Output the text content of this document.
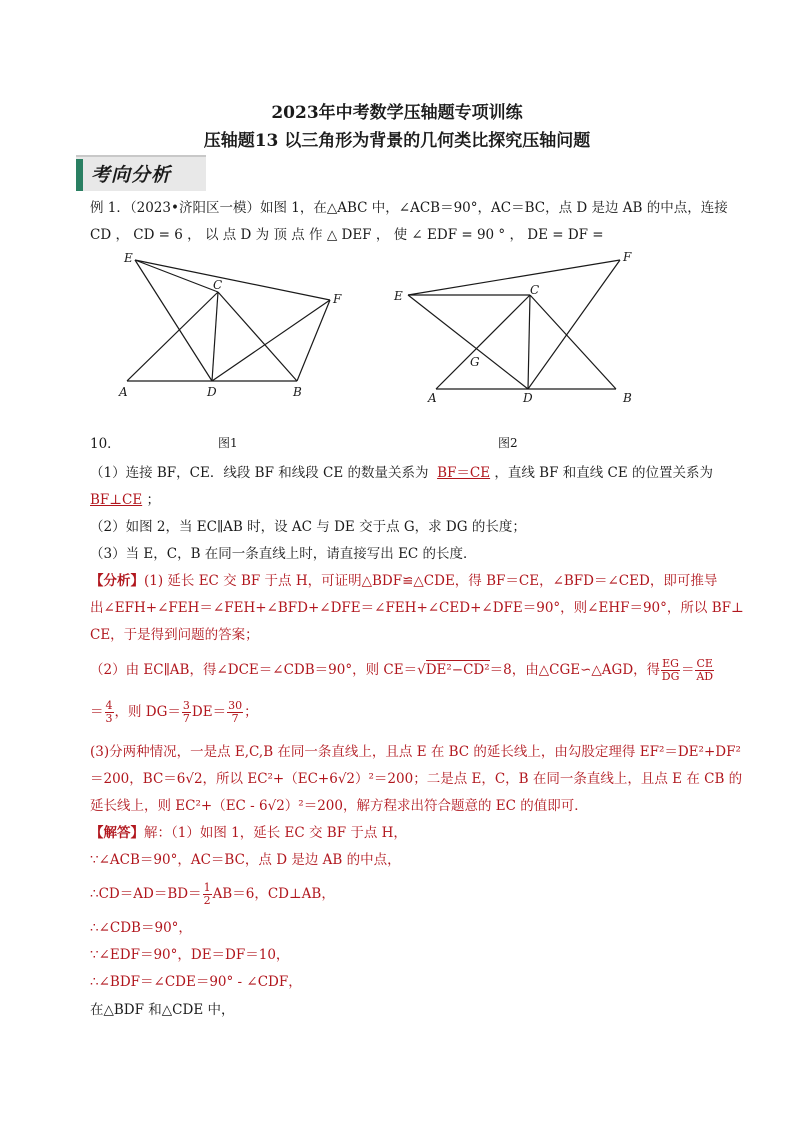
2023年中考数学压轴题专项训练
压轴题13 以三角形为背景的几何类比探究压轴问题
考向分析
例 1．（2023•济阳区一模）如图 1，在△ABC 中，∠ACB＝90°，AC＝BC，点 D 是边 AB 的中点，连接
CD ， CD = 6 ， 以 点 D 为 顶 点 作 △ DEF ， 使 ∠ EDF = 90 ° ， DE = DF =
E
C
F
A	D	B
E	C
F
G
A	D	B
10．	图1	图2
（1）连接 BF，CE．线段 BF 和线段 CE 的数量关系为 BF＝CE ，直线 BF 和直线 CE 的位置关系为
BF⊥CE ；
（2）如图 2，当 EC∥AB 时，设 AC 与 DE 交于点 G，求 DG 的长度；
（3）当 E，C，B 在同一条直线上时，请直接写出 EC 的长度．
【分析】(1) 延长 EC 交 BF 于点 H，可证明△BDF≌△CDE，得 BF＝CE，∠BFD＝∠CED，即可推导
出∠EFH+∠FEH＝∠FEH+∠BFD+∠DFE＝∠FEH+∠CED+∠DFE＝90°，则∠EHF＝90°，所以 BF⊥
CE，于是得到问题的答案；
（2）由 EC∥AB，得∠DCE＝∠CDB＝90°，则 CE＝√DE²−CD²＝8，由△CGE∽△AGD，得 $\frac{EG}{DG} = \frac{CE}{AD}$
＝ $\frac{4}{3}$ ，则 $DG= \frac{3}{7} DE= \frac{30}{7}$ ；
(3)分两种情况，一是点 E,C,B 在同一条直线上，且点 E 在 BC 的延长线上，由勾股定理得 EF²＝DE²+DF²
＝200，BC＝6√2，所以 EC²+（EC+6√2）²＝200；二是点 E，C，B 在同一条直线上，且点 E 在 CB 的
延长线上，则 EC²+（EC - 6√2）²＝200，解方程求出符合题意的 EC 的值即可．
【解答】解：（1）如图 1，延长 EC 交 BF 于点 H，
∵∠ACB＝90°，AC＝BC，点 D 是边 AB 的中点，
∴CD＝AD＝BD＝ $\frac{1}{2} AB=6$，CD⊥AB，
∴∠CDB＝90°，
∵∠EDF＝90°，DE＝DF＝10，
∴∠BDF＝∠CDE＝90° - ∠CDF，
在△BDF 和△CDE 中，
